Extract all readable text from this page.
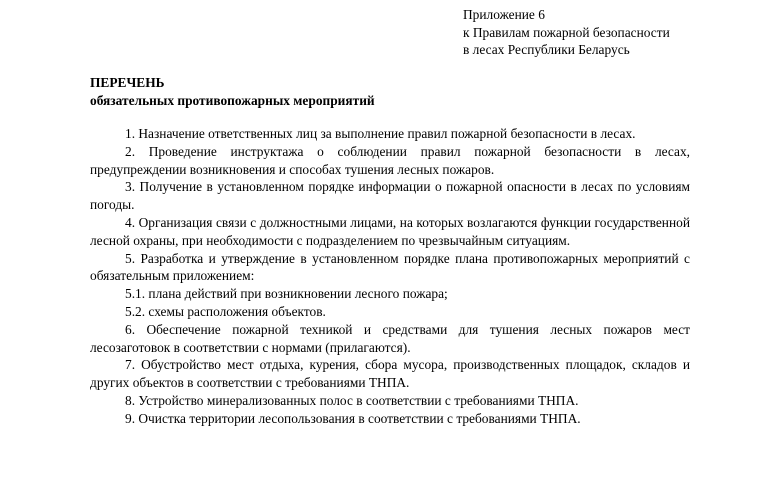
Приложение 6
к Правилам пожарной безопасности
в лесах Республики Беларусь
ПЕРЕЧЕНЬ
обязательных противопожарных мероприятий

1. Назначение ответственных лиц за выполнение правил пожарной безопасности в лесах.

2. Проведение инструктажа о соблюдении правил пожарной безопасности в лесах, предупреждении возникновения и способах тушения лесных пожаров.

3. Получение в установленном порядке информации о пожарной опасности в лесах по условиям погоды.

4. Организация связи с должностными лицами, на которых возлагаются функции государственной лесной охраны, при необходимости с подразделением по чрезвычайным ситуациям.

5. Разработка и утверждение в установленном порядке плана противопожарных мероприятий с обязательным приложением:

5.1. плана действий при возникновении лесного пожара;

5.2. схемы расположения объектов.

6. Обеспечение пожарной техникой и средствами для тушения лесных пожаров мест лесозаготовок в соответствии с нормами (прилагаются).

7. Обустройство мест отдыха, курения, сбора мусора, производственных площадок, складов и других объектов в соответствии с требованиями ТНПА.

8. Устройство минерализованных полос в соответствии с требованиями ТНПА.

9. Очистка территории лесопользования в соответствии с требованиями ТНПА.
